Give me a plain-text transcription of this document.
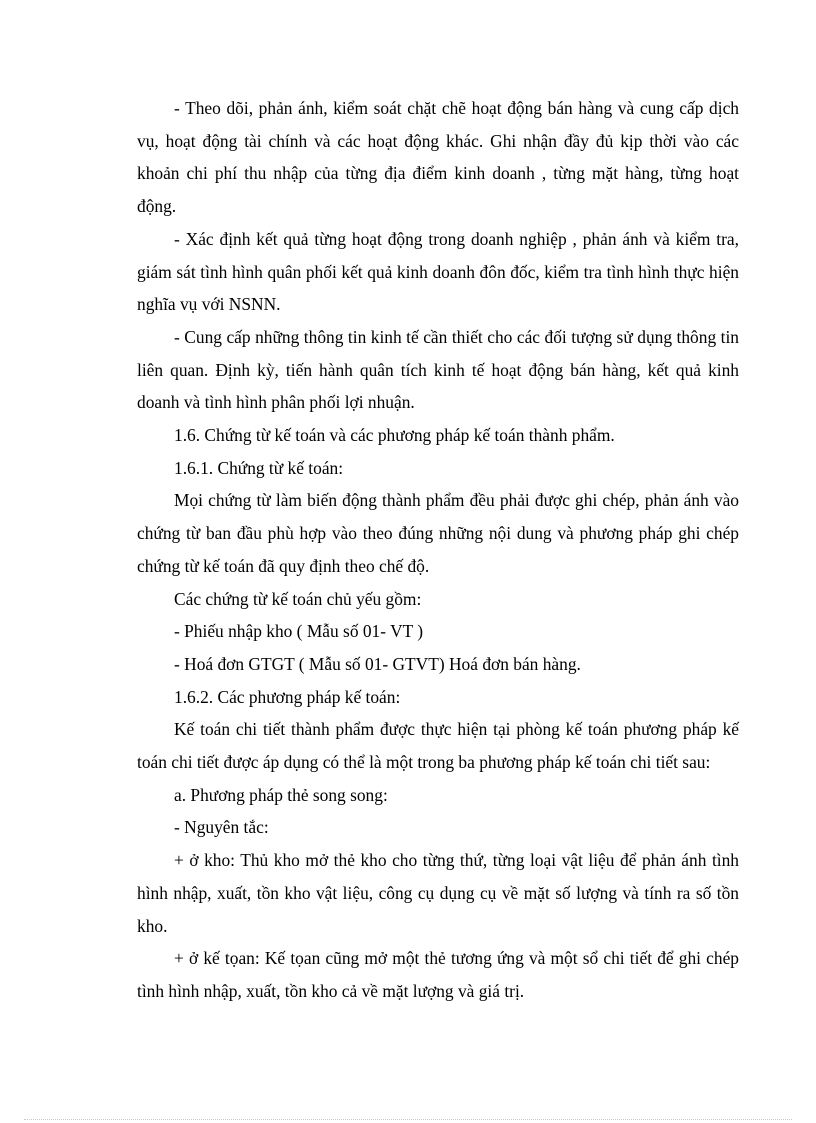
- Theo dõi, phản ánh, kiểm soát chặt chẽ hoạt động bán hàng và cung cấp dịch vụ, hoạt động tài chính và các hoạt động khác. Ghi nhận đầy đủ kịp thời vào các khoản chi phí thu nhập của từng địa điểm kinh doanh , từng mặt hàng, từng hoạt động.

- Xác định kết quả từng hoạt động trong doanh nghiệp , phản ánh và kiểm tra, giám sát tình hình quân phối kết quả kinh doanh đôn đốc, kiểm tra tình hình thực hiện nghĩa vụ với NSNN.

- Cung cấp những thông tin kinh tế cần thiết cho các đối tượng sử dụng thông tin liên quan. Định kỳ, tiến hành quân tích kinh tế hoạt động bán hàng, kết quả kinh doanh và tình hình phân phối lợi nhuận.

1.6. Chứng từ kế toán và các phương pháp kế toán thành phẩm.

1.6.1. Chứng từ kế toán:

Mọi chứng từ làm biến động thành phẩm đều phải được ghi chép, phản ánh vào chứng từ ban đầu phù hợp vào theo đúng những nội dung và phương pháp ghi chép chứng từ kế toán đã quy định theo chế độ.

Các chứng từ kế toán chủ yếu gồm:

- Phiếu nhập kho ( Mẫu số 01- VT )

- Hoá đơn GTGT ( Mẫu số 01- GTVT) Hoá đơn bán hàng.

1.6.2. Các phương pháp kế toán:

Kế toán chi tiết thành phẩm được thực hiện tại phòng kế toán phương pháp kế toán chi tiết được áp dụng có thể là một trong ba phương pháp kế toán chi tiết sau:

a. Phương pháp thẻ song song:

- Nguyên tắc:

+ ở kho: Thủ kho mở thẻ kho cho từng thứ, từng loại vật liệu để phản ánh tình hình nhập, xuất, tồn kho vật liệu, công cụ dụng cụ về mặt số lượng và tính ra số tồn kho.

+ ở kế tọan: Kế tọan cũng mở một thẻ tương ứng và một sổ chi tiết để ghi chép tình hình nhập, xuất, tồn kho cả về mặt lượng và giá trị.
